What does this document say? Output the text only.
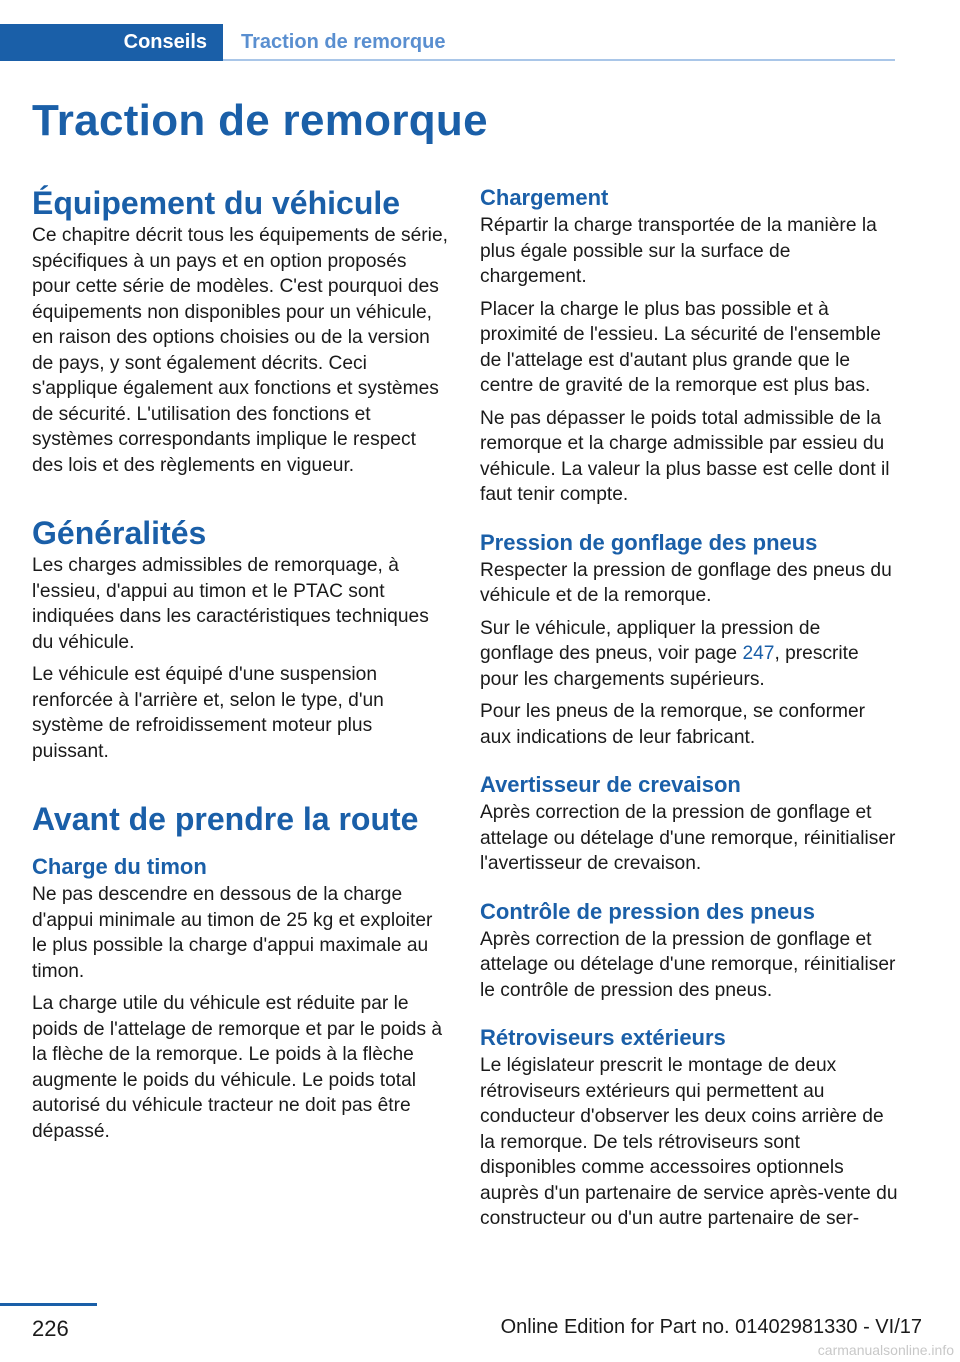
Conseils	Traction de remorque
Traction de remorque
Équipement du véhicule

Ce chapitre décrit tous les équipements de série, spécifiques à un pays et en option proposés pour cette série de modèles. C'est pourquoi des équipements non disponibles pour un véhicule, en raison des options choisies ou de la version de pays, y sont également décrits. Ceci s'applique également aux fonctions et systèmes de sécurité. L'utilisation des fonctions et systèmes correspondants implique le respect des lois et des règlements en vigueur.

Généralités

Les charges admissibles de remorquage, à l'essieu, d'appui au timon et le PTAC sont indiquées dans les caractéristiques techniques du véhicule.

Le véhicule est équipé d'une suspension renforcée à l'arrière et, selon le type, d'un système de refroidissement moteur plus puissant.

Avant de prendre la route
Charge du timon

Ne pas descendre en dessous de la charge d'appui minimale au timon de 25 kg et exploiter le plus possible la charge d'appui maximale au timon.

La charge utile du véhicule est réduite par le poids de l'attelage de remorque et par le poids à la flèche de la remorque. Le poids à la flèche augmente le poids du véhicule. Le poids total autorisé du véhicule tracteur ne doit pas être dépassé.

Chargement

Répartir la charge transportée de la manière la plus égale possible sur la surface de chargement.

Placer la charge le plus bas possible et à proximité de l'essieu. La sécurité de l'ensemble de l'attelage est d'autant plus grande que le centre de gravité de la remorque est plus bas.

Ne pas dépasser le poids total admissible de la remorque et la charge admissible par essieu du véhicule. La valeur la plus basse est celle dont il faut tenir compte.

Pression de gonflage des pneus

Respecter la pression de gonflage des pneus du véhicule et de la remorque.

Sur le véhicule, appliquer la pression de gonflage des pneus, voir page 247, prescrite pour les chargements supérieurs.

Pour les pneus de la remorque, se conformer aux indications de leur fabricant.

Avertisseur de crevaison

Après correction de la pression de gonflage et attelage ou dételage d'une remorque, réinitialiser l'avertisseur de crevaison.

Contrôle de pression des pneus

Après correction de la pression de gonflage et attelage ou dételage d'une remorque, réinitialiser le contrôle de pression des pneus.

Rétroviseurs extérieurs

Le législateur prescrit le montage de deux rétroviseurs extérieurs qui permettent au conducteur d'observer les deux coins arrière de la remorque. De tels rétroviseurs sont disponibles comme accessoires optionnels auprès d'un partenaire de service après-vente du constructeur ou d'un autre partenaire de ser-

226	Online Edition for Part no. 01402981330 - VI/17
carmanualsonline.info
